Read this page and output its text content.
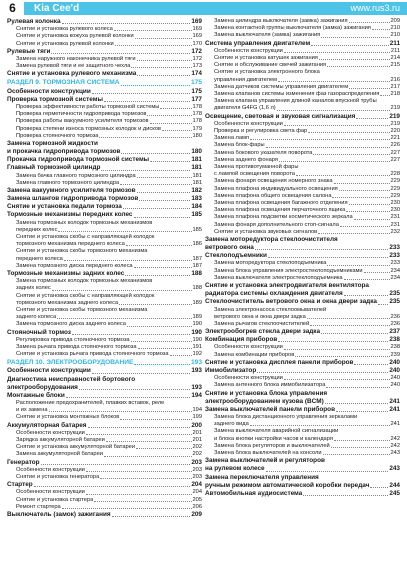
6	Kia Cee'd	www.rus3.ru
Рулевая колонка	169
Снятие и установка рулевого колеса	169
Снятие и установка кожуха рулевой колонки	169
Снятие и установка рулевой колонки	170
Рулевые тяги	172
Замена наружного наконечника рулевой тяги	172
Замена рулевой тяги и ее защитного чехла	173
Снятие и установка рулевого механизма	174
РАЗДЕЛ 9. ТОРМОЗНАЯ СИСТЕМА	175
Особенности конструкции	175
Проверка тормозной системы	177
Проверка эффективности работы тормозной системы	178
Проверка герметичности гидропривода тормозов	178
Проверка работы вакуумного усилителя тормозов	178
Проверка степени износа тормозных колодок и дисков	179
Проверка стояночного тормоза	180
Замена тормозной жидкости
и прокачка гидропривода тормозов	180
Прокачка гидропривода тормозной системы	181
Главный тормозной цилиндр	181
Замена бачка главного тормозного цилиндра	181
Замена главного тормозного цилиндра	181
Замена вакуумного усилителя тормозов	182
Замена шлангов гидропривода тормозов	183
Снятие и установка педали тормоза	184
Тормозные механизмы передних колес	185
Замена тормозных колодок тормозных механизмов
передних колес	185
Снятие и установка скобы с направляющей колодок
тормозного механизма переднего колеса	186
Снятие и установка скобы тормозного механизма
переднего колеса	187
Замена тормозного диска переднего колеса	187
Тормозные механизмы задних колес	188
Замена тормозных колодок тормозных механизмов
задних колес	188
Снятие и установка скобы с направляющей колодок
тормозного механизма заднего колеса	189
Снятие и установка скобы тормозного механизма
заднего колеса	189
Замена тормозного диска заднего колеса	190
Стояночный тормоз	190
Регулировка привода стояночного тормоза	190
Замена рычага привода стояночного тормоза	191
Снятие и установка рычага привода стояночного тормоза	192
РАЗДЕЛ 10. ЭЛЕКТРООБОРУДОВАНИЕ	193
Особенности конструкции	193
Диагностика неисправностей бортового
электрооборудования	193
Монтажные блоки	194
Расположение предохранителей, плавких вставок, реле
и их замена	194
Снятие и установка монтажных блоков	199
Аккумуляторная батарея	200
Особенности конструкции	201
Зарядка аккумуляторной батареи	201
Снятие и установка аккумуляторной батареи	202
Замена аккумуляторной батареи	202
Генератор	203
Особенности конструкции	203
Снятие и установка генератора	203
Стартер	204
Особенности конструкции	204
Снятие и установка стартера	205
Ремонт стартера	206
Выключатель (замок) зажигания	209
Замена цилиндра выключателя (замка) зажигания	209
Замена контактной группы выключателя (замка) зажигания	210
Замена выключателя (замка) зажигания	210
Система управления двигателем	211
Особенности конструкции	211
Снятие и установка катушек зажигания	214
Снятие и обслуживание свечей зажигания	215
Снятие и установка электронного блока
управления двигателем	216
Замена датчиков системы управления двигателем	217
Замена клапанов системы изменения фаз газораспределения 218
Замена клапана управления длиной каналов впускной трубы
двигателя G4FG (1,6 л)	219
Освещение, световая и звуковая сигнализация	219
Особенности конструкции	219
Проверка и регулировка света фар	220
Замена ламп	221
Замена блок-фары	226
Замена бокового указателя поворота	227
Замена заднего фонаря	227
Замена противотуманной фары
с лампой освещения поворота	228
Замена фонаря освещения номерного знака	229
Замена плафона индивидуального освещения	229
Замена плафона общего освещения салона	229
Замена плафона освещения багажного отделения	230
Замена плафона освещения перчаточного ящика	230
Замена плафона подсветки косметического зеркала	231
Замена фонаря дополнительного стоп-сигнала	231
Снятие и установка звуковых сигналов	232
Замена моторедуктора стеклоочистителя
ветрового окна	233
Стеклоподъемники	233
Замена моторедуктора стеклоподъемника	233
Замена блока управления электростеклоподъемниками	234
Замена выключателя электростеклоподъемника	234
Снятие и установка электродвигателя вентилятора
радиатора системы охлаждения двигателя	235
Стеклоочиститель ветрового окна и окна двери задка 235
Замена электронасоса стеклоомывателей
ветрового окна и окна двери задка	236
Замена рычагов стеклоочистителей	236
Электрообогрев стекла двери задка	237
Комбинация приборов	238
Особенности конструкции	238
Замена комбинации приборов	239
Снятие и установка дисплея панели приборов	240
Иммобилизатор	240
Особенности конструкции	240
Замена антенного блока иммобилизатора	240
Снятие и установка блока управления
электрооборудованием кузова (BCM)	241
Замена выключателей панели приборов	241
Замена блока дистанционного управления зеркалами
заднего вида	241
Замена выключателя аварийной сигнализации
и блока кнопки настройки часов и календаря	242
Замена блока регуляторов и выключателей	242
Замена блока выключателей на консоли	243
Замена выключателей и регуляторов
на рулевом колесе	243
Замена переключателя управления
ручным режимом автоматической коробки передач	244
Автомобильная аудиосистема	245
